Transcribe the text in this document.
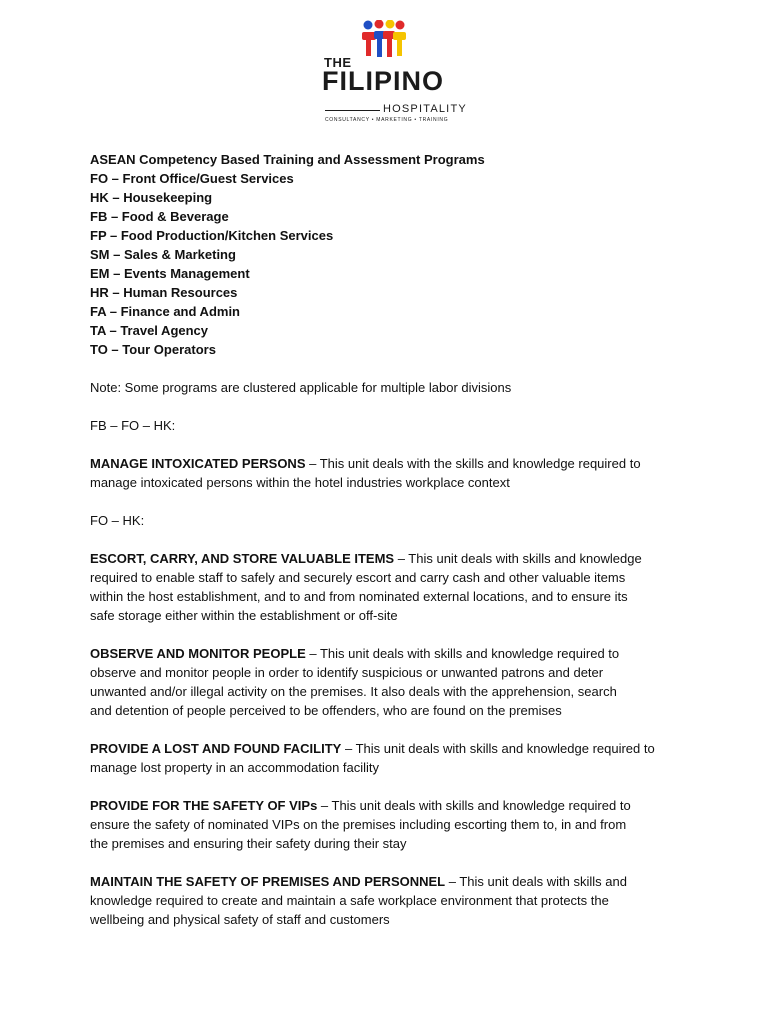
THE
FILIPINO
HOSPITALITY
CONSULTANCY • MARKETING • TRAINING
ASEAN Competency Based Training and Assessment Programs
FO – Front Office/Guest Services
HK – Housekeeping
FB – Food & Beverage
FP – Food Production/Kitchen Services
SM – Sales & Marketing
EM – Events Management
HR – Human Resources
FA – Finance and Admin
TA – Travel Agency
TO – Tour Operators
Note: Some programs are clustered applicable for multiple labor divisions
FB – FO – HK:
MANAGE INTOXICATED PERSONS – This unit deals with the skills and knowledge required to
manage intoxicated persons within the hotel industries workplace context
FO – HK:
ESCORT, CARRY, AND STORE VALUABLE ITEMS – This unit deals with skills and knowledge
required to enable staff to safely and securely escort and carry cash and other valuable items
within the host establishment, and to and from nominated external locations, and to ensure its
safe storage either within the establishment or off-site
OBSERVE AND MONITOR PEOPLE – This unit deals with skills and knowledge required to
observe and monitor people in order to identify suspicious or unwanted patrons and deter
unwanted and/or illegal activity on the premises. It also deals with the apprehension, search
and detention of people perceived to be offenders, who are found on the premises
PROVIDE A LOST AND FOUND FACILITY – This unit deals with skills and knowledge required to
manage lost property in an accommodation facility
PROVIDE FOR THE SAFETY OF VIPs – This unit deals with skills and knowledge required to
ensure the safety of nominated VIPs on the premises including escorting them to, in and from
the premises and ensuring their safety during their stay
MAINTAIN THE SAFETY OF PREMISES AND PERSONNEL – This unit deals with skills and
knowledge required to create and maintain a safe workplace environment that protects the
wellbeing and physical safety of staff and customers
